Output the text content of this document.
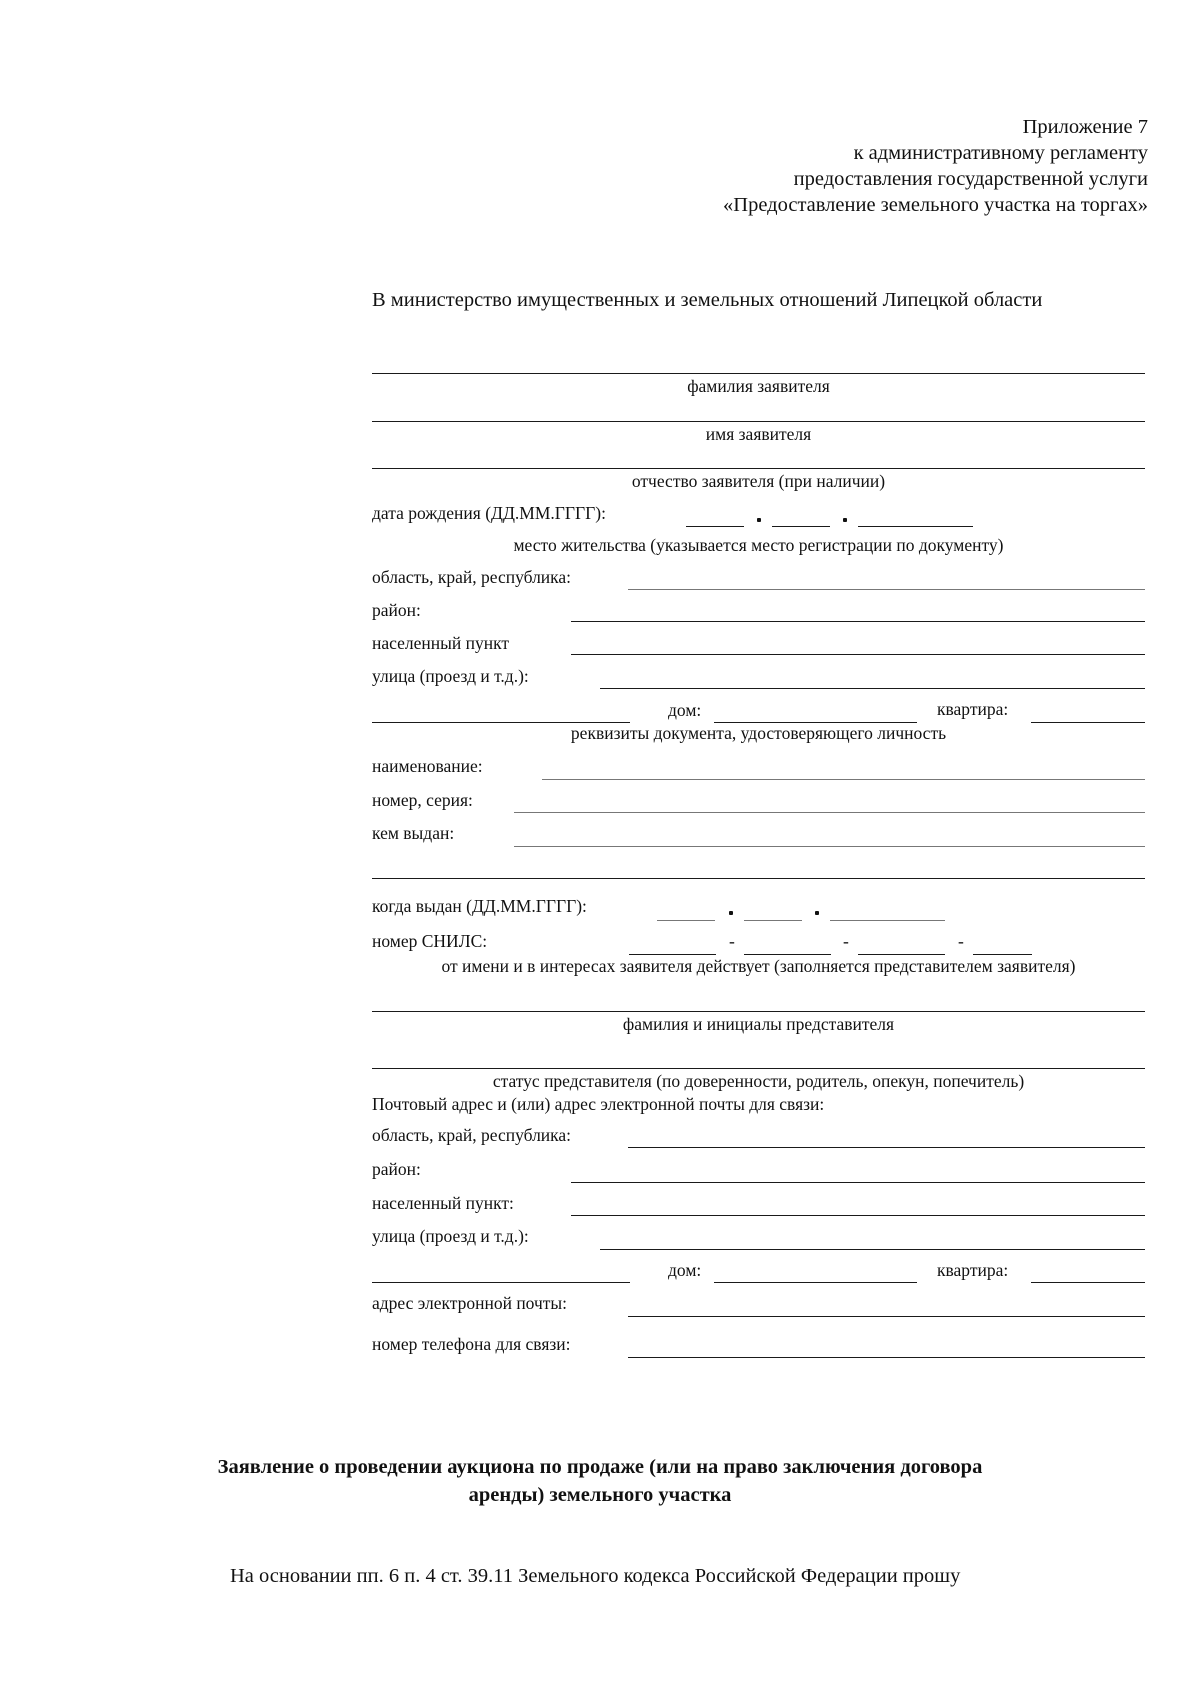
Приложение 7
к административному регламенту
предоставления государственной услуги
«Предоставление земельного участка на торгах»
В министерство имущественных и земельных отношений Липецкой области
фамилия заявителя
имя заявителя
отчество заявителя (при наличии)
дата рождения (ДД.ММ.ГГГГ):
место жительства (указывается место регистрации по документу)
область, край, республика:
район:
населенный пункт
улица (проезд и т.д.):
дом:	квартира:
реквизиты документа, удостоверяющего личность
наименование:
номер, серия:
кем выдан:
когда выдан (ДД.ММ.ГГГГ):
номер СНИЛС:	-	-	-
от имени и в интересах заявителя действует (заполняется представителем заявителя)
фамилия и инициалы представителя
статус представителя (по доверенности, родитель, опекун, попечитель)
Почтовый адрес и (или) адрес электронной почты для связи:
область, край, республика:
район:
населенный пункт:
улица (проезд и т.д.):
дом:	квартира:
адрес электронной почты:
номер телефона для связи:
Заявление о проведении аукциона по продаже (или на право заключения договора
аренды) земельного участка
На основании пп. 6 п. 4 ст. 39.11 Земельного кодекса Российской Федерации прошу
